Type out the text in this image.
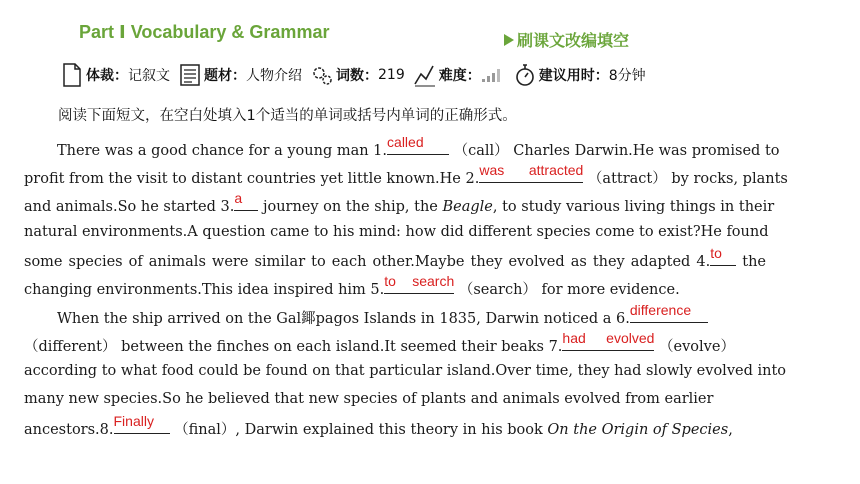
Part Ⅰ Vocabulary & Grammar	刷课文改编填空
体裁： 记叙文 题材： 人物介绍 词数： 219 难度：	建议用时： 8分钟
阅读下面短文，在空白处填入1个适当的单词或括号内单词的正确形式。
There was a good chance for a young man 1.
called
（call） Charles Darwin.He was promised to
profit from the visit to distant countries yet little known.He 2.
was attracted
（attract） by rocks, plants
and animals.So he started 3.
a
journey on the ship, the Beagle, to study various living things in their
natural environments.A question came to his mind: how did different species come to exist?He found
some species of animals were similar to each other.Maybe they evolved as they adapted 4.
to
the
changing environments.This idea inspired him 5.
to search
（search） for more evidence.
When the ship arrived on the Gal鎁pagos Islands in 1835, Darwin noticed a 6.
difference
（different） between the finches on each island.It seemed their beaks 7.
had evolved
（evolve）
according to what food could be found on that particular island.Over time, they had slowly evolved into
many new species.So he believed that new species of plants and animals evolved from earlier
ancestors.8.
Finally
（final）, Darwin explained this theory in his book On the Origin of Species,
